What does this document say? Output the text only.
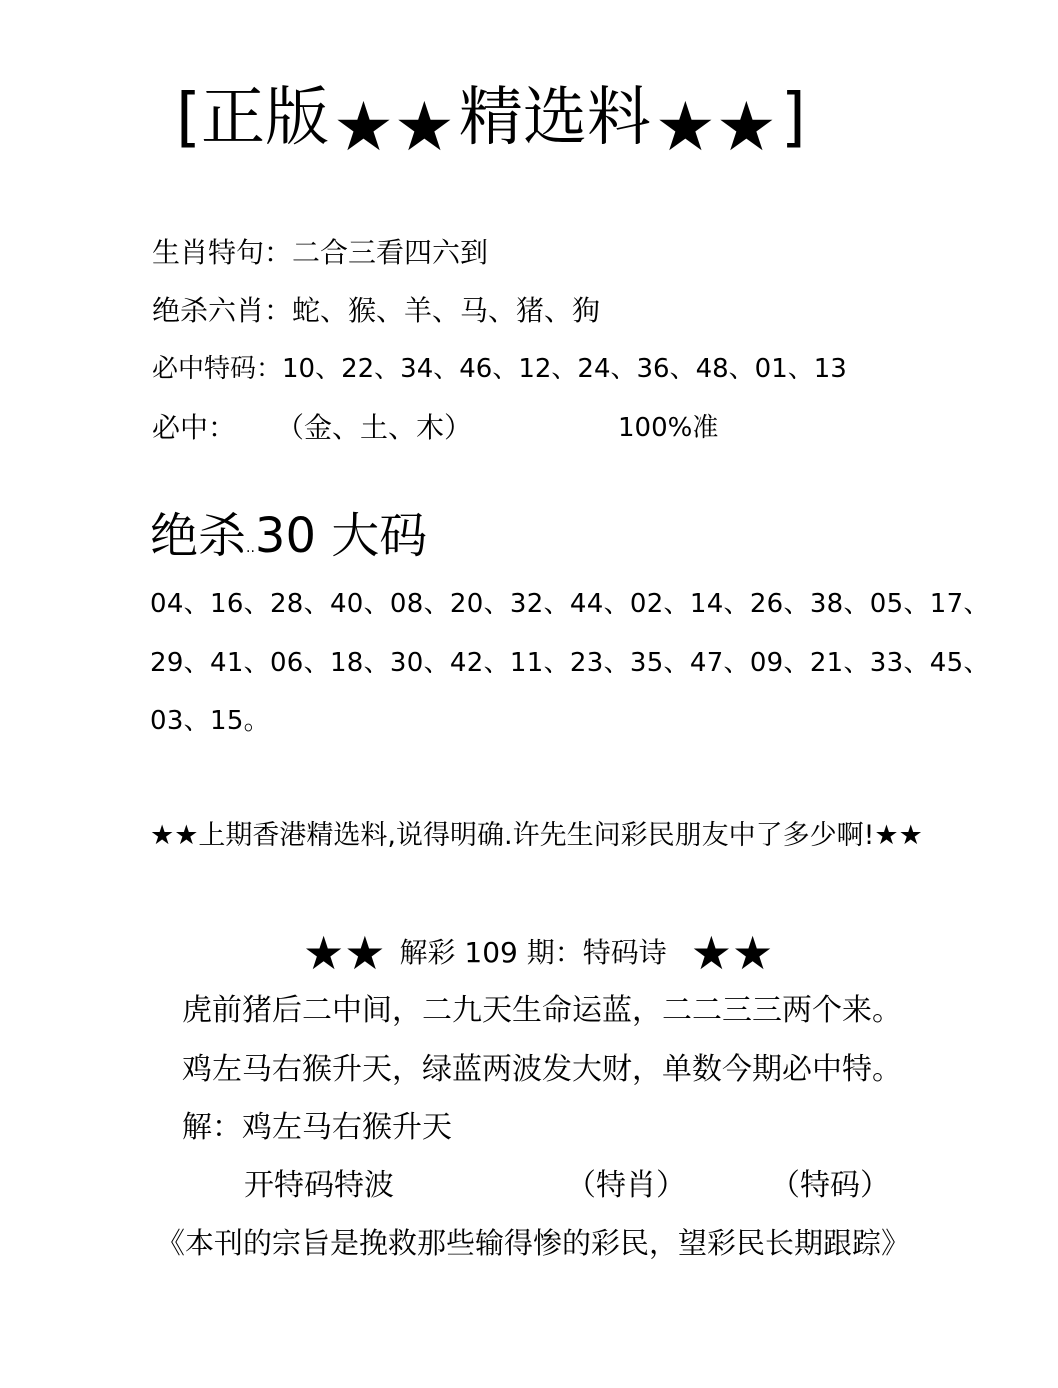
[正版 ★★ 精选料 ★★ ]
生肖特句：二合三看四六到
绝杀六肖：蛇、猴、羊、马、猪、狗
必中特码：10、22、34、46、12、24、36、48、01、13
必中： （金、土、木）	100%准
绝杀..30 大码
04、16、28、40、08、20、32、44、02、14、26、38、05、17、
29、41、06、18、30、42、11、23、35、47、09、21、33、45、
03、15。
★★上期香港精选料,说得明确.许先生问彩民朋友中了多少啊!★★
★★ 解彩 109 期：特码诗 ★★
虎前猪后二中间，二九天生命运蓝，二二三三两个来。
鸡左马右猴升天，绿蓝两波发大财，单数今期必中特。
解：鸡左马右猴升天
开特码特波	（特肖）	（特码）
《本刊的宗旨是挽救那些输得惨的彩民，望彩民长期跟踪》
